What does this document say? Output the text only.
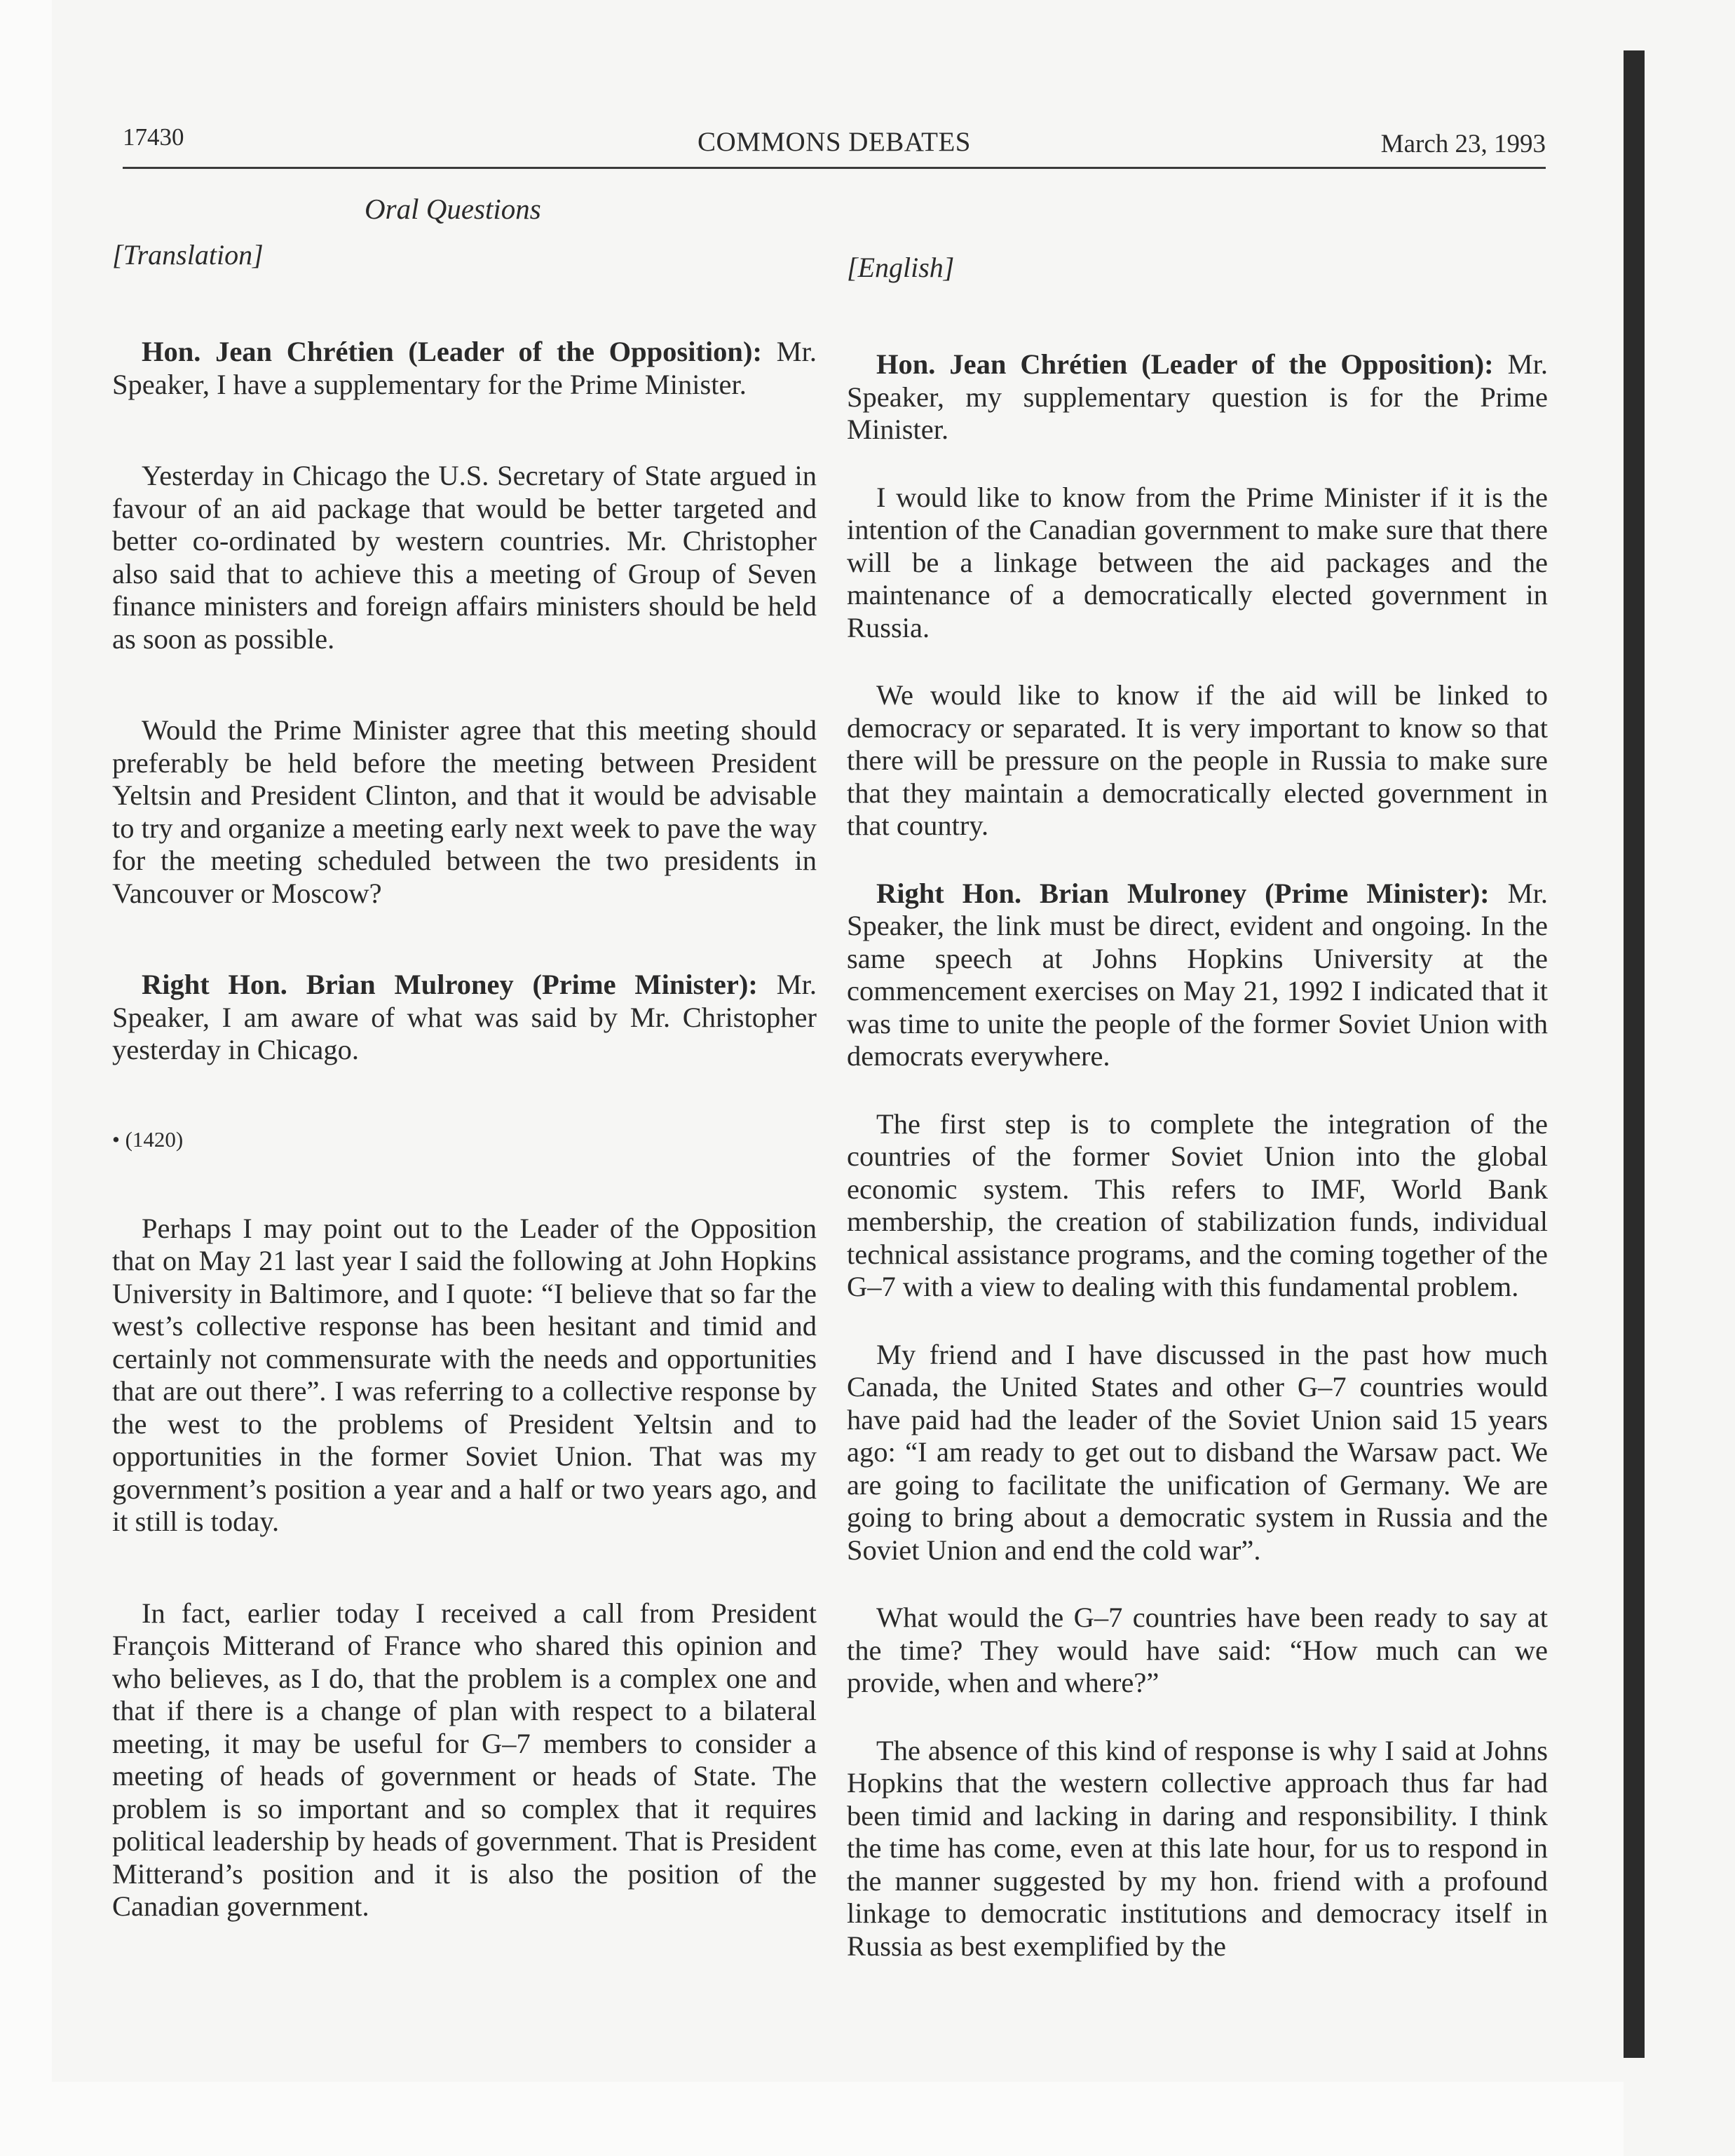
17430	COMMONS DEBATES	March 23, 1993
Oral Questions

[Translation]

Hon. Jean Chrétien (Leader of the Opposition): Mr. Speaker, I have a supplementary for the Prime Minister.

Yesterday in Chicago the U.S. Secretary of State argued in favour of an aid package that would be better targeted and better co-ordinated by western countries. Mr. Christopher also said that to achieve this a meeting of Group of Seven finance ministers and foreign affairs ministers should be held as soon as possible.

Would the Prime Minister agree that this meeting should preferably be held before the meeting between President Yeltsin and President Clinton, and that it would be advisable to try and organize a meeting early next week to pave the way for the meeting scheduled between the two presidents in Vancouver or Moscow?

Right Hon. Brian Mulroney (Prime Minister): Mr. Speaker, I am aware of what was said by Mr. Christopher yesterday in Chicago.

• (1420)

Perhaps I may point out to the Leader of the Opposition that on May 21 last year I said the following at John Hopkins University in Baltimore, and I quote: “I believe that so far the west’s collective response has been hesitant and timid and certainly not commensurate with the needs and opportunities that are out there”. I was referring to a collective response by the west to the problems of President Yeltsin and to opportunities in the former Soviet Union. That was my government’s position a year and a half or two years ago, and it still is today.

In fact, earlier today I received a call from President François Mitterand of France who shared this opinion and who believes, as I do, that the problem is a complex one and that if there is a change of plan with respect to a bilateral meeting, it may be useful for G–7 members to consider a meeting of heads of government or heads of State. The problem is so important and so complex that it requires political leadership by heads of government. That is President Mitterand’s position and it is also the position of the Canadian government.

[English]

Hon. Jean Chrétien (Leader of the Opposition): Mr. Speaker, my supplementary question is for the Prime Minister.

I would like to know from the Prime Minister if it is the intention of the Canadian government to make sure that there will be a linkage between the aid packages and the maintenance of a democratically elected government in Russia.

We would like to know if the aid will be linked to democracy or separated. It is very important to know so that there will be pressure on the people in Russia to make sure that they maintain a democratically elected government in that country.

Right Hon. Brian Mulroney (Prime Minister): Mr. Speaker, the link must be direct, evident and ongoing. In the same speech at Johns Hopkins University at the commencement exercises on May 21, 1992 I indicated that it was time to unite the people of the former Soviet Union with democrats everywhere.

The first step is to complete the integration of the countries of the former Soviet Union into the global economic system. This refers to IMF, World Bank membership, the creation of stabilization funds, individual technical assistance programs, and the coming together of the G–7 with a view to dealing with this fundamental problem.

My friend and I have discussed in the past how much Canada, the United States and other G–7 countries would have paid had the leader of the Soviet Union said 15 years ago: “I am ready to get out to disband the Warsaw pact. We are going to facilitate the unification of Germany. We are going to bring about a democratic system in Russia and the Soviet Union and end the cold war”.

What would the G–7 countries have been ready to say at the time? They would have said: “How much can we provide, when and where?”

The absence of this kind of response is why I said at Johns Hopkins that the western collective approach thus far had been timid and lacking in daring and responsibility. I think the time has come, even at this late hour, for us to respond in the manner suggested by my hon. friend with a profound linkage to democratic institutions and democracy itself in Russia as best exemplified by the
